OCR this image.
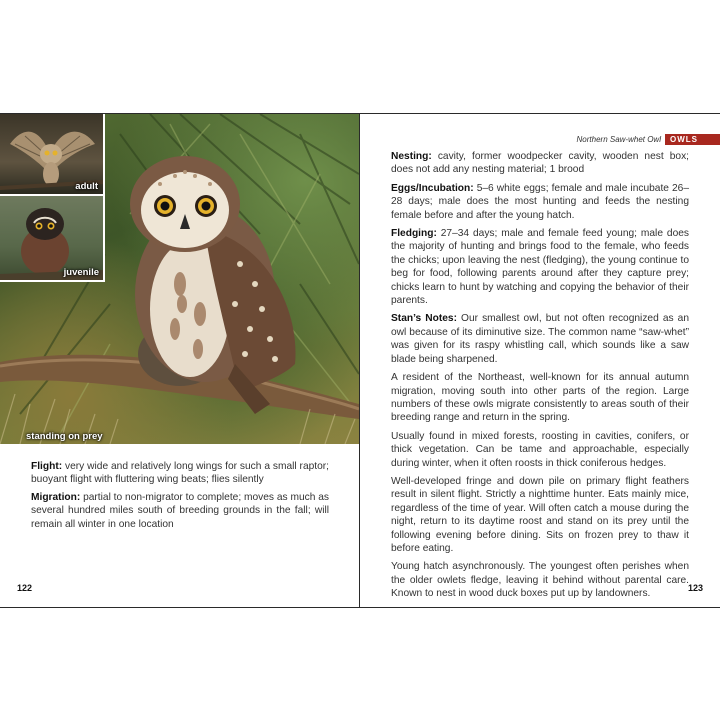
adult
juvenile
standing on prey

Flight: very wide and relatively long wings for such a small raptor; buoyant flight with fluttering wing beats; flies silently

Migration: partial to non-migrator to complete; moves as much as several hundred miles south of breeding grounds in the fall; will remain all winter in one location

122
Northern Saw-whet Owl	OWLS

Nesting: cavity, former woodpecker cavity, wooden nest box; does not add any nesting material; 1 brood

Eggs/Incubation: 5–6 white eggs; female and male incubate 26–28 days; male does the most hunting and feeds the nesting female before and after the young hatch.

Fledging: 27–34 days; male and female feed young; male does the majority of hunting and brings food to the female, who feeds the chicks; upon leaving the nest (fledging), the young continue to beg for food, following parents around after they capture prey; chicks learn to hunt by watching and copying the behavior of their parents.

Stan’s Notes: Our smallest owl, but not often recognized as an owl because of its diminutive size. The common name “saw-whet” was given for its raspy whistling call, which sounds like a saw blade being sharpened.

A resident of the Northeast, well-known for its annual autumn migration, moving south into other parts of the region. Large numbers of these owls migrate consistently to areas south of their breeding range and return in the spring.

Usually found in mixed forests, roosting in cavities, conifers, or thick vegetation. Can be tame and approachable, especially during winter, when it often roosts in thick coniferous hedges.

Well-developed fringe and down pile on primary flight feathers result in silent flight. Strictly a nighttime hunter. Eats mainly mice, regardless of the time of year. Will often catch a mouse during the night, return to its daytime roost and stand on its prey until the following evening before dining. Sits on frozen prey to thaw it before eating.

Young hatch asynchronously. The youngest often perishes when the older owlets fledge, leaving it behind without parental care. Known to nest in wood duck boxes put up by landowners.

123
